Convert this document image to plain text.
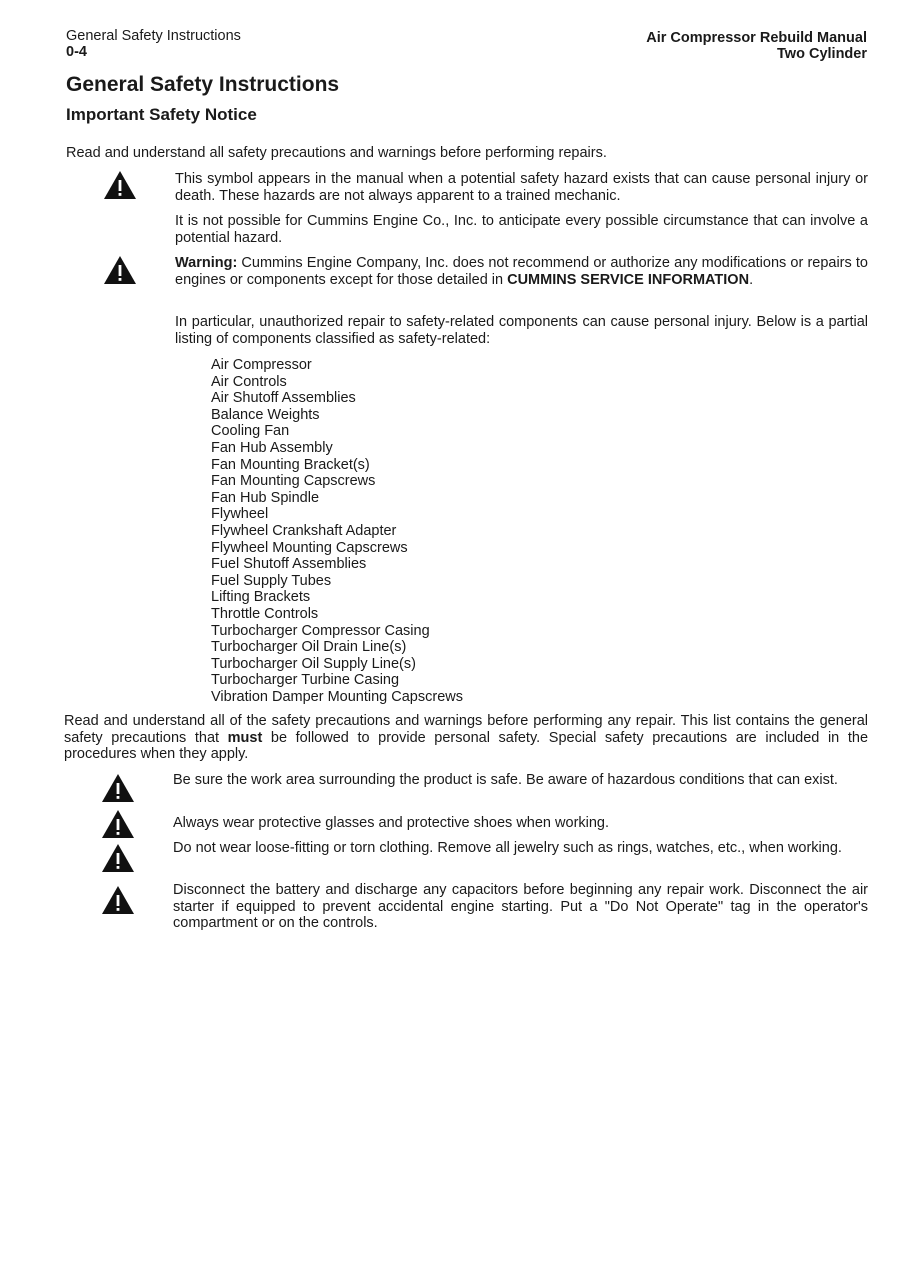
General Safety Instructions
0-4
Air Compressor Rebuild Manual
Two Cylinder
General Safety Instructions
Important Safety Notice

Read and understand all safety precautions and warnings before performing repairs.

This symbol appears in the manual when a potential safety hazard exists that can cause personal injury or death. These hazards are not always apparent to a trained mechanic.

It is not possible for Cummins Engine Co., Inc. to anticipate every possible circumstance that can involve a potential hazard.

Warning: Cummins Engine Company, Inc. does not recommend or authorize any modifications or repairs to engines or components except for those detailed in CUMMINS SERVICE INFORMATION.

In particular, unauthorized repair to safety-related components can cause personal injury. Below is a partial listing of components classified as safety-related:

Air Compressor
Air Controls
Air Shutoff Assemblies
Balance Weights
Cooling Fan
Fan Hub Assembly
Fan Mounting Bracket(s)
Fan Mounting Capscrews
Fan Hub Spindle
Flywheel
Flywheel Crankshaft Adapter
Flywheel Mounting Capscrews
Fuel Shutoff Assemblies
Fuel Supply Tubes
Lifting Brackets
Throttle Controls
Turbocharger Compressor Casing
Turbocharger Oil Drain Line(s)
Turbocharger Oil Supply Line(s)
Turbocharger Turbine Casing
Vibration Damper Mounting Capscrews

Read and understand all of the safety precautions and warnings before performing any repair. This list contains the general safety precautions that must be followed to provide personal safety. Special safety precautions are included in the procedures when they apply.

Be sure the work area surrounding the product is safe. Be aware of hazardous conditions that can exist.

Always wear protective glasses and protective shoes when working.

Do not wear loose-fitting or torn clothing. Remove all jewelry such as rings, watches, etc., when working.

Disconnect the battery and discharge any capacitors before beginning any repair work. Disconnect the air starter if equipped to prevent accidental engine starting. Put a "Do Not Operate" tag in the operator's compartment or on the controls.
